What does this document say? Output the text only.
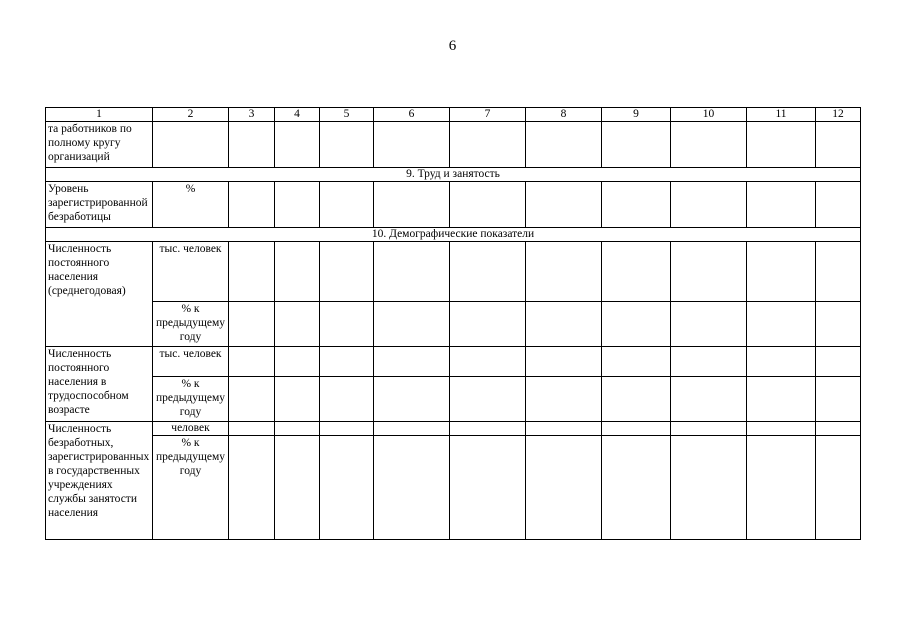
6
1	2	3	4	5	6	7	8	9	10	11	12
та работников по полному кругу организаций											
9. Труд и занятость											
Уровень зарегистрированной безработицы	%										
10. Демографические показатели											
Численность постоянного населения (среднегодовая)	тыс. человек										
	% к предыдущему году										
Численность постоянного населения в трудоспособном возрасте	тыс. человек										
	% к предыдущему году										
Численность безработных, зарегистрированных в государственных учреждениях службы занятости населения	человек										
	% к предыдущему году										
